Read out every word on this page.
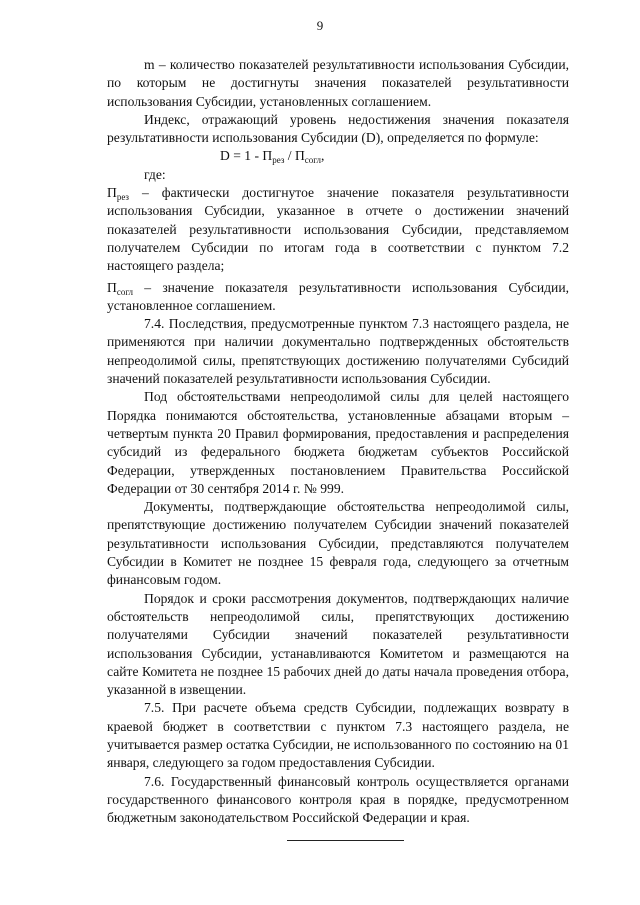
9

m – количество показателей результативности использования Субсидии, по которым не достигнуты значения показателей результативности использования Субсидии, установленных соглашением.

Индекс, отражающий уровень недостижения значения показателя результативности использования Субсидии (D), определяется по формуле:

$D = 1 - П_{рез} / П_{согл}$,

где:

$П_{рез}$ – фактически достигнутое значение показателя результативности использования Субсидии, указанное в отчете о достижении значений показателей результативности использования Субсидии, представляемом получателем Субсидии по итогам года в соответствии с пунктом 7.2 настоящего раздела;

$П_{согл}$ – значение показателя результативности использования Субсидии, установленное соглашением.

7.4. Последствия, предусмотренные пунктом 7.3 настоящего раздела, не применяются при наличии документально подтвержденных обстоятельств непреодолимой силы, препятствующих достижению получателями Субсидий значений показателей результативности использования Субсидии.

Под обстоятельствами непреодолимой силы для целей настоящего Порядка понимаются обстоятельства, установленные абзацами вторым – четвертым пункта 20 Правил формирования, предоставления и распределения субсидий из федерального бюджета бюджетам субъектов Российской Федерации, утвержденных постановлением Правительства Российской Федерации от 30 сентября 2014 г. № 999.

Документы, подтверждающие обстоятельства непреодолимой силы, препятствующие достижению получателем Субсидии значений показателей результативности использования Субсидии, представляются получателем Субсидии в Комитет не позднее 15 февраля года, следующего за отчетным финансовым годом.

Порядок и сроки рассмотрения документов, подтверждающих наличие обстоятельств непреодолимой силы, препятствующих достижению получателями Субсидии значений показателей результативности использования Субсидии, устанавливаются Комитетом и размещаются на сайте Комитета не позднее 15 рабочих дней до даты начала проведения отбора, указанной в извещении.

7.5. При расчете объема средств Субсидии, подлежащих возврату в краевой бюджет в соответствии с пунктом 7.3 настоящего раздела, не учитывается размер остатка Субсидии, не использованного по состоянию на 01 января, следующего за годом предоставления Субсидии.

7.6. Государственный финансовый контроль осуществляется органами государственного финансового контроля края в порядке, предусмотренном бюджетным законодательством Российской Федерации и края.
